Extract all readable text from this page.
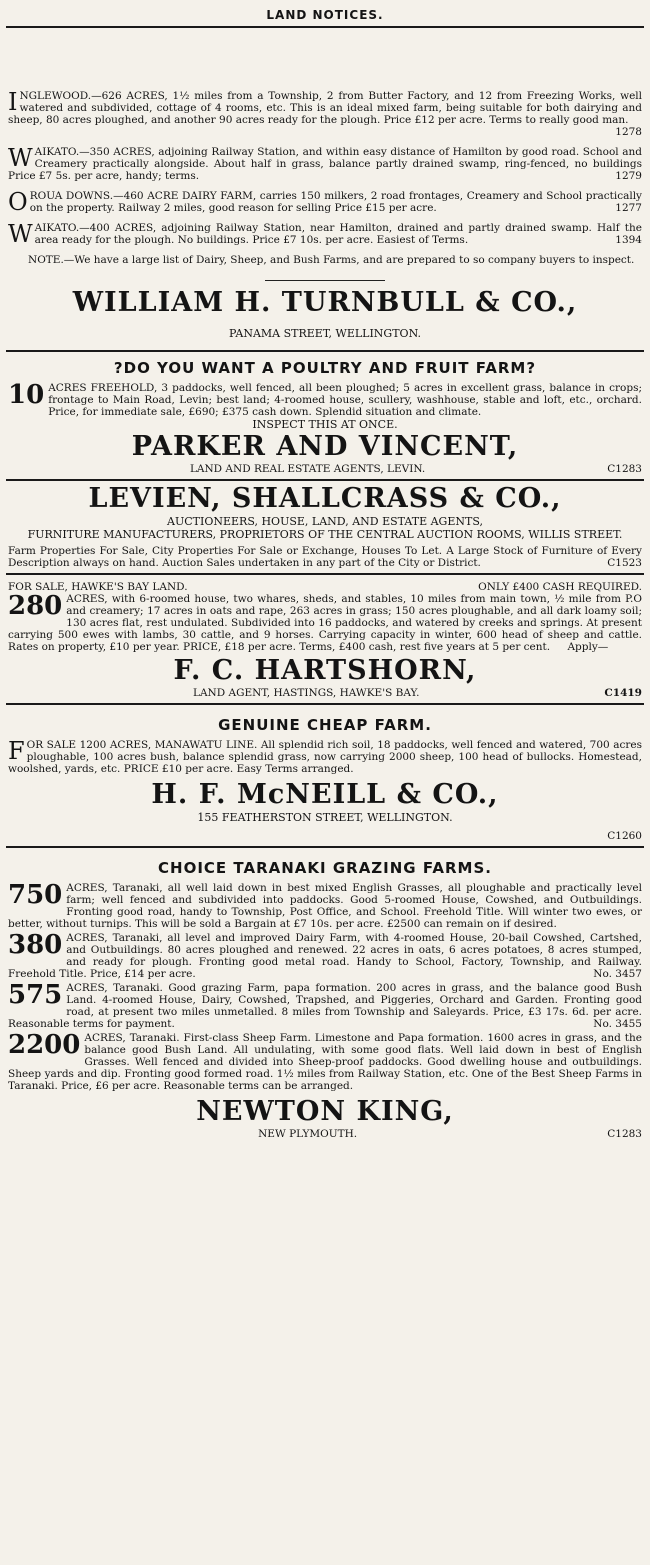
LAND NOTICES.

I NGLEWOOD.—626 ACRES, 1½ miles from a Township, 2 from Butter Factory, and 12 from Freezing Works, well watered and subdivided, cottage of 4 rooms, etc. This is an ideal mixed farm, being suitable for both dairying and sheep, 80 acres ploughed, and another 90 acres ready for the plough. Price £12 per acre. Terms to really good man.
1278

W AIKATO.—350 ACRES, adjoining Railway Station, and within easy distance of Hamilton by good road. School and Creamery practically alongside. About half in grass, balance partly drained swamp, ring-fenced, no buildings Price £7 5s. per acre, handy; terms.	1279

O ROUA DOWNS.—460 ACRE DAIRY FARM, carries 150 milkers, 2 road frontages, Creamery and School practically on the property. Railway 2 miles, good reason for selling Price £15 per acre.	1277

W AIKATO.—400 ACRES, adjoining Railway Station, near Hamilton, drained and partly drained swamp. Half the area ready for the plough. No buildings. Price £7 10s. per acre. Easiest of Terms.	1394

NOTE.—We have a large list of Dairy, Sheep, and Bush Farms, and are prepared to so company buyers to inspect.

WILLIAM H. TURNBULL & CO.,
PANAMA STREET, WELLINGTON.
?DO YOU WANT A POULTRY AND FRUIT FARM?

10 ACRES FREEHOLD, 3 paddocks, well fenced, all been ploughed; 5 acres in excellent grass, balance in crops; frontage to Main Road, Levin; best land; 4-roomed house, scullery, washhouse, stable and loft, etc., orchard. Price, for immediate sale, £690; £375 cash down. Splendid situation and climate.

INSPECT THIS AT ONCE.
PARKER AND VINCENT,
LAND AND REAL ESTATE AGENTS, LEVIN.	C1283
LEVIEN, SHALLCRASS & CO.,
AUCTIONEERS, HOUSE, LAND, AND ESTATE AGENTS,
FURNITURE MANUFACTURERS, PROPRIETORS OF THE CENTRAL AUCTION ROOMS, WILLIS STREET.

Farm Properties For Sale, City Properties For Sale or Exchange, Houses To Let. A Large Stock of Furniture of Every Description always on hand. Auction Sales undertaken in any part of the City or District.	C1523

FOR SALE, HAWKE'S BAY LAND.	ONLY £400 CASH REQUIRED.

280 ACRES, with 6-roomed house, two whares, sheds, and stables, 10 miles from main town, ½ mile from P.O and creamery; 17 acres in oats and rape, 263 acres in grass; 150 acres ploughable, and all dark loamy soil; 130 acres flat, rest undulated. Subdivided into 16 paddocks, and watered by creeks and springs. At present carrying 500 ewes with lambs, 30 cattle, and 9 horses. Carrying capacity in winter, 600 head of sheep and cattle. Rates on property, £10 per year. PRICE, £18 per acre. Terms, £400 cash, rest five years at 5 per cent. Apply—

F. C. HARTSHORN,
LAND AGENT, HASTINGS, HAWKE'S BAY.	C1419
GENUINE CHEAP FARM.

F OR SALE 1200 ACRES, MANAWATU LINE. All splendid rich soil, 18 paddocks, well fenced and watered, 700 acres ploughable, 100 acres bush, balance splendid grass, now carrying 2000 sheep, 100 head of bullocks. Homestead, woolshed, yards, etc. PRICE £10 per acre. Easy Terms arranged.

H. F. McNEILL & CO.,
155 FEATHERSTON STREET, WELLINGTON.
C1260
CHOICE TARANAKI GRAZING FARMS.

750 ACRES, Taranaki, all well laid down in best mixed English Grasses, all ploughable and practically level farm; well fenced and subdivided into paddocks. Good 5-roomed House, Cowshed, and Outbuildings. Fronting good road, handy to Township, Post Office, and School. Freehold Title. Will winter two ewes, or better, without turnips. This will be sold a Bargain at £7 10s. per acre. £2500 can remain on if desired.

380 ACRES, Taranaki, all level and improved Dairy Farm, with 4-roomed House, 20-bail Cowshed, Cartshed, and Outbuildings. 80 acres ploughed and renewed. 22 acres in oats, 6 acres potatoes, 8 acres stumped, and ready for plough. Fronting good metal road. Handy to School, Factory, Township, and Railway. Freehold Title. Price, £14 per acre.	No. 3457

575 ACRES, Taranaki. Good grazing Farm, papa formation. 200 acres in grass, and the balance good Bush Land. 4-roomed House, Dairy, Cowshed, Trapshed, and Piggeries, Orchard and Garden. Fronting good road, at present two miles unmetalled. 8 miles from Township and Saleyards. Price, £3 17s. 6d. per acre. Reasonable terms for payment.	No. 3455

2200 ACRES, Taranaki. First-class Sheep Farm. Limestone and Papa formation. 1600 acres in grass, and the balance good Bush Land. All undulating, with some good flats. Well laid down in best of English Grasses. Well fenced and divided into Sheep-proof paddocks. Good dwelling house and outbuildings. Sheep yards and dip. Fronting good formed road. 1½ miles from Railway Station, etc. One of the Best Sheep Farms in Taranaki. Price, £6 per acre. Reasonable terms can be arranged.

NEWTON KING,
NEW PLYMOUTH.	C1283
